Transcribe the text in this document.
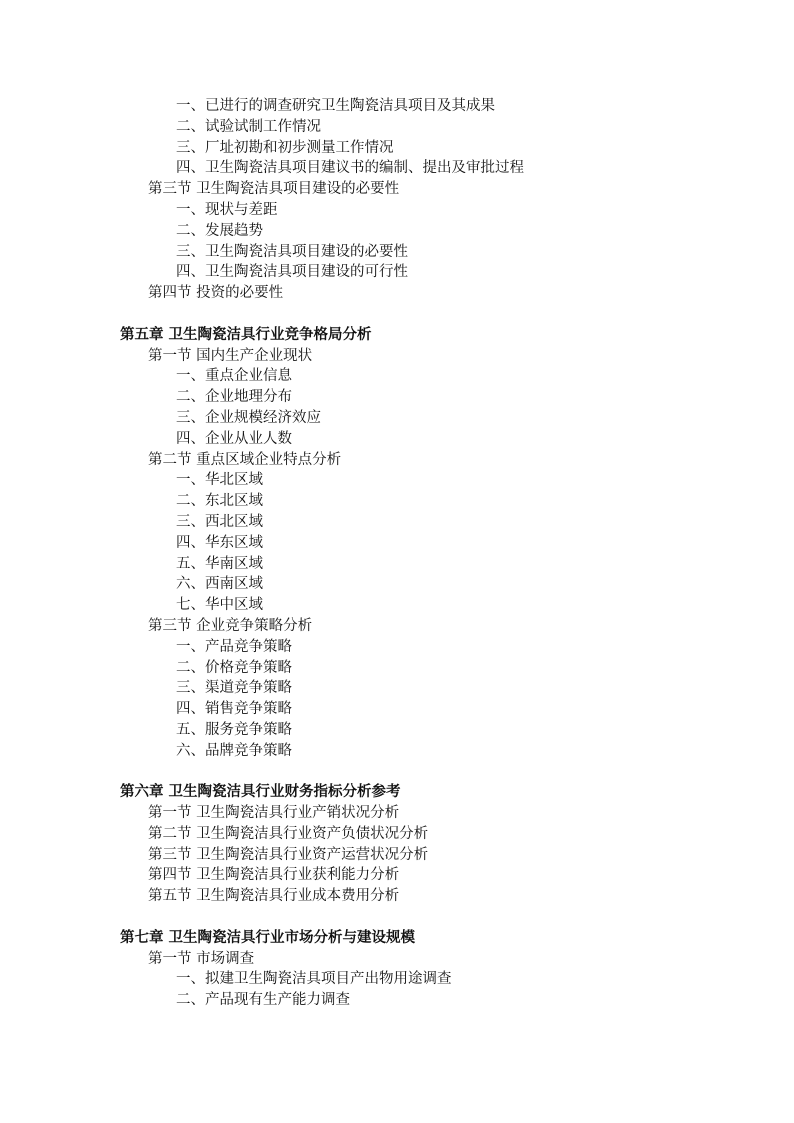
一、已进行的调查研究卫生陶瓷洁具项目及其成果
二、试验试制工作情况
三、厂址初勘和初步测量工作情况
四、卫生陶瓷洁具项目建议书的编制、提出及审批过程
第三节 卫生陶瓷洁具项目建设的必要性
一、现状与差距
二、发展趋势
三、卫生陶瓷洁具项目建设的必要性
四、卫生陶瓷洁具项目建设的可行性
第四节 投资的必要性
第五章 卫生陶瓷洁具行业竞争格局分析
第一节 国内生产企业现状
一、重点企业信息
二、企业地理分布
三、企业规模经济效应
四、企业从业人数
第二节 重点区域企业特点分析
一、华北区域
二、东北区域
三、西北区域
四、华东区域
五、华南区域
六、西南区域
七、华中区域
第三节 企业竞争策略分析
一、产品竞争策略
二、价格竞争策略
三、渠道竞争策略
四、销售竞争策略
五、服务竞争策略
六、品牌竞争策略
第六章 卫生陶瓷洁具行业财务指标分析参考
第一节 卫生陶瓷洁具行业产销状况分析
第二节 卫生陶瓷洁具行业资产负债状况分析
第三节 卫生陶瓷洁具行业资产运营状况分析
第四节 卫生陶瓷洁具行业获利能力分析
第五节 卫生陶瓷洁具行业成本费用分析
第七章 卫生陶瓷洁具行业市场分析与建设规模
第一节 市场调查
一、拟建卫生陶瓷洁具项目产出物用途调查
二、产品现有生产能力调查
